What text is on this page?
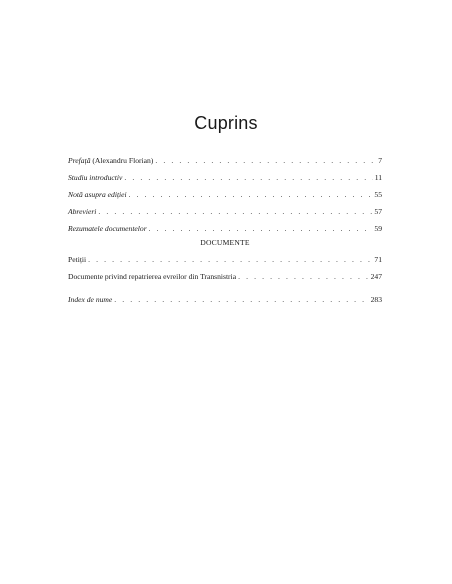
Cuprins
Prefață (Alexandru Florian) . . .	7
Studiu introductiv . . .	11
Notă asupra ediției . . .	55
Abrevieri . . .	57
Rezumatele documentelor . . .	59
DOCUMENTE
Petiții . . .	71
Documente privind repatrierea evreilor din Transnistria . . .	247
Index de nume . . .	283
